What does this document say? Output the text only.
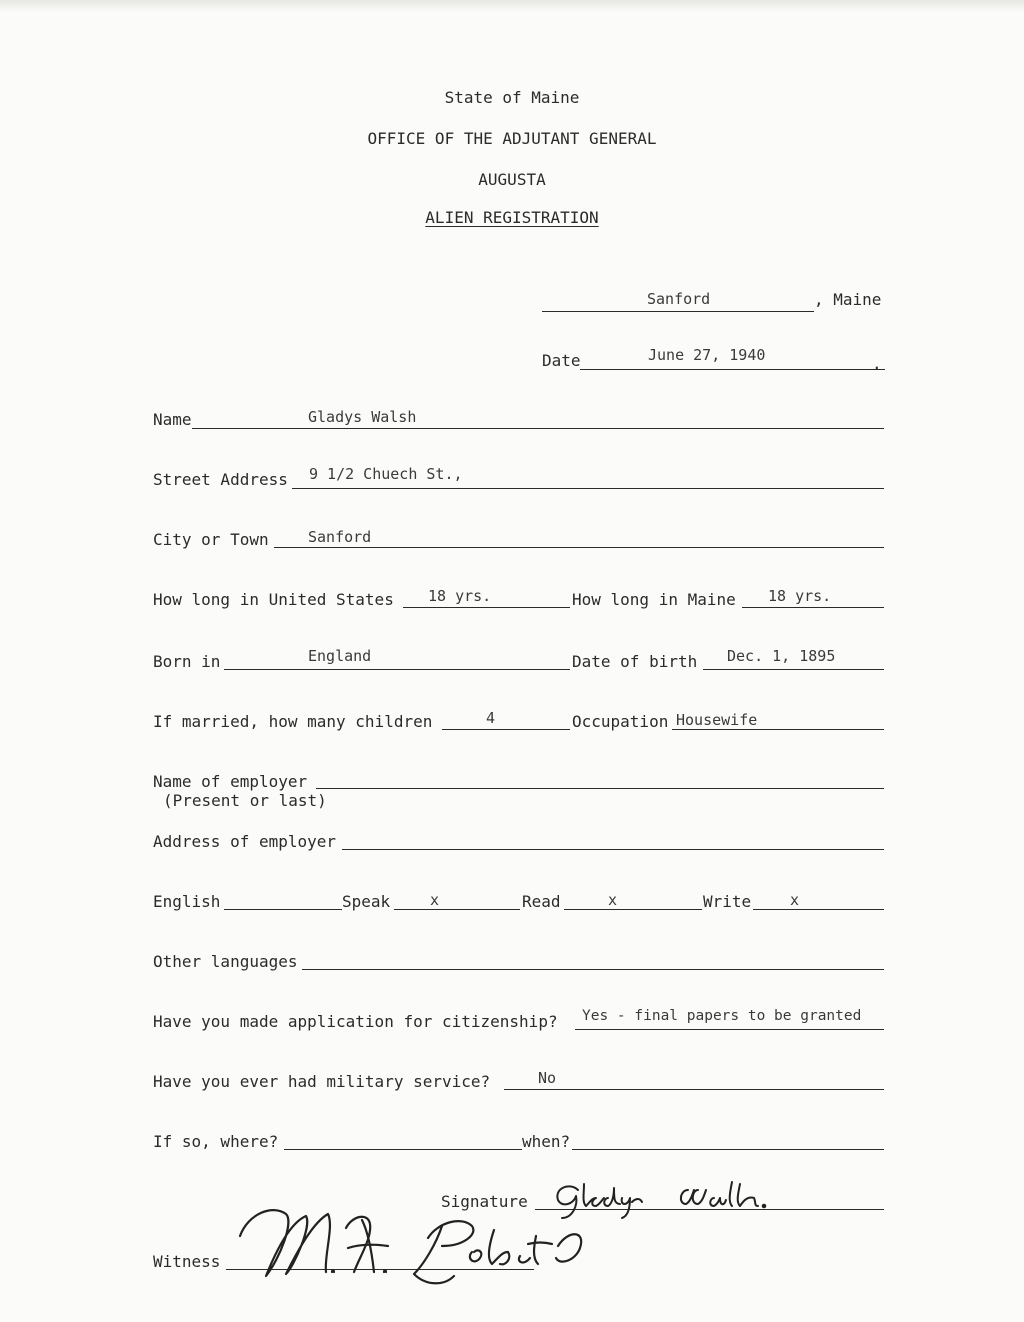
State of Maine
OFFICE OF THE ADJUTANT GENERAL
AUGUSTA
ALIEN REGISTRATION
Sanford	, Maine
Date	June 27, 1940	.
Name	Gladys Walsh
Street Address 9 1/2 Chuech St.,
City or Town	Sanford
How long in United States 18 yrs.	How long in Maine 18 yrs.
Born in	England	Date of birth Dec. 1, 1895
If married, how many children	4	Occupation Housewife
Name of employer
(Present or last)
Address of employer
English	Speak	x	Read	x	Write	x
Other languages
Have you made application for citizenship? Yes - final papers to be granted
Have you ever had military service?	No
If so, where?	when?
Signature
Witness
